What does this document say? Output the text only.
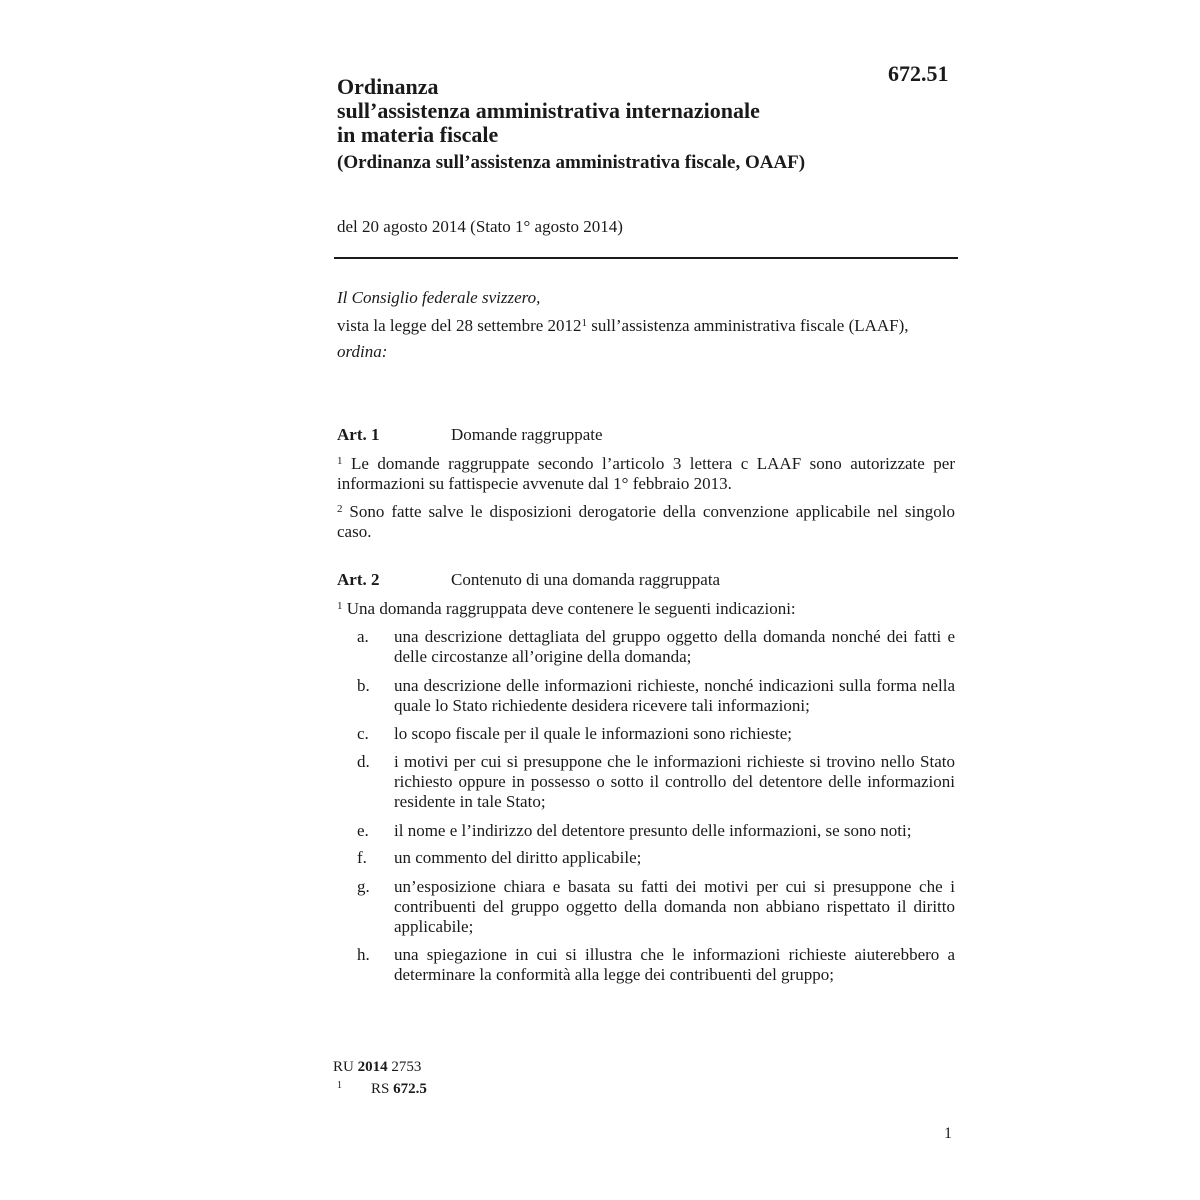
672.51
Ordinanza
sull’assistenza amministrativa internazionale
in materia fiscale
(Ordinanza sull’assistenza amministrativa fiscale, OAAF)
del 20 agosto 2014 (Stato 1° agosto 2014)
Il Consiglio federale svizzero,
vista la legge del 28 settembre 2012$^1$ sull’assistenza amministrativa fiscale (LAAF),
ordina:
Art. 1	Domande raggruppate
$^1$ Le domande raggruppate secondo l’articolo 3 lettera c LAAF sono autorizzate per informazioni su fattispecie avvenute dal 1° febbraio 2013.
$^2$ Sono fatte salve le disposizioni derogatorie della convenzione applicabile nel singolo caso.
Art. 2	Contenuto di una domanda raggruppata
$^1$ Una domanda raggruppata deve contenere le seguenti indicazioni:
a. una descrizione dettagliata del gruppo oggetto della domanda nonché dei fatti e delle circostanze all’origine della domanda;
b. una descrizione delle informazioni richieste, nonché indicazioni sulla forma nella quale lo Stato richiedente desidera ricevere tali informazioni;
c. lo scopo fiscale per il quale le informazioni sono richieste;
d. i motivi per cui si presuppone che le informazioni richieste si trovino nello Stato richiesto oppure in possesso o sotto il controllo del detentore delle informazioni residente in tale Stato;
e. il nome e l’indirizzo del detentore presunto delle informazioni, se sono noti;
f. un commento del diritto applicabile;
g. un’esposizione chiara e basata su fatti dei motivi per cui si presuppone che i contribuenti del gruppo oggetto della domanda non abbiano rispettato il diritto applicabile;
h. una spiegazione in cui si illustra che le informazioni richieste aiuterebbero a determinare la conformità alla legge dei contribuenti del gruppo;
RU 2014 2753
1 RS 672.5
1
